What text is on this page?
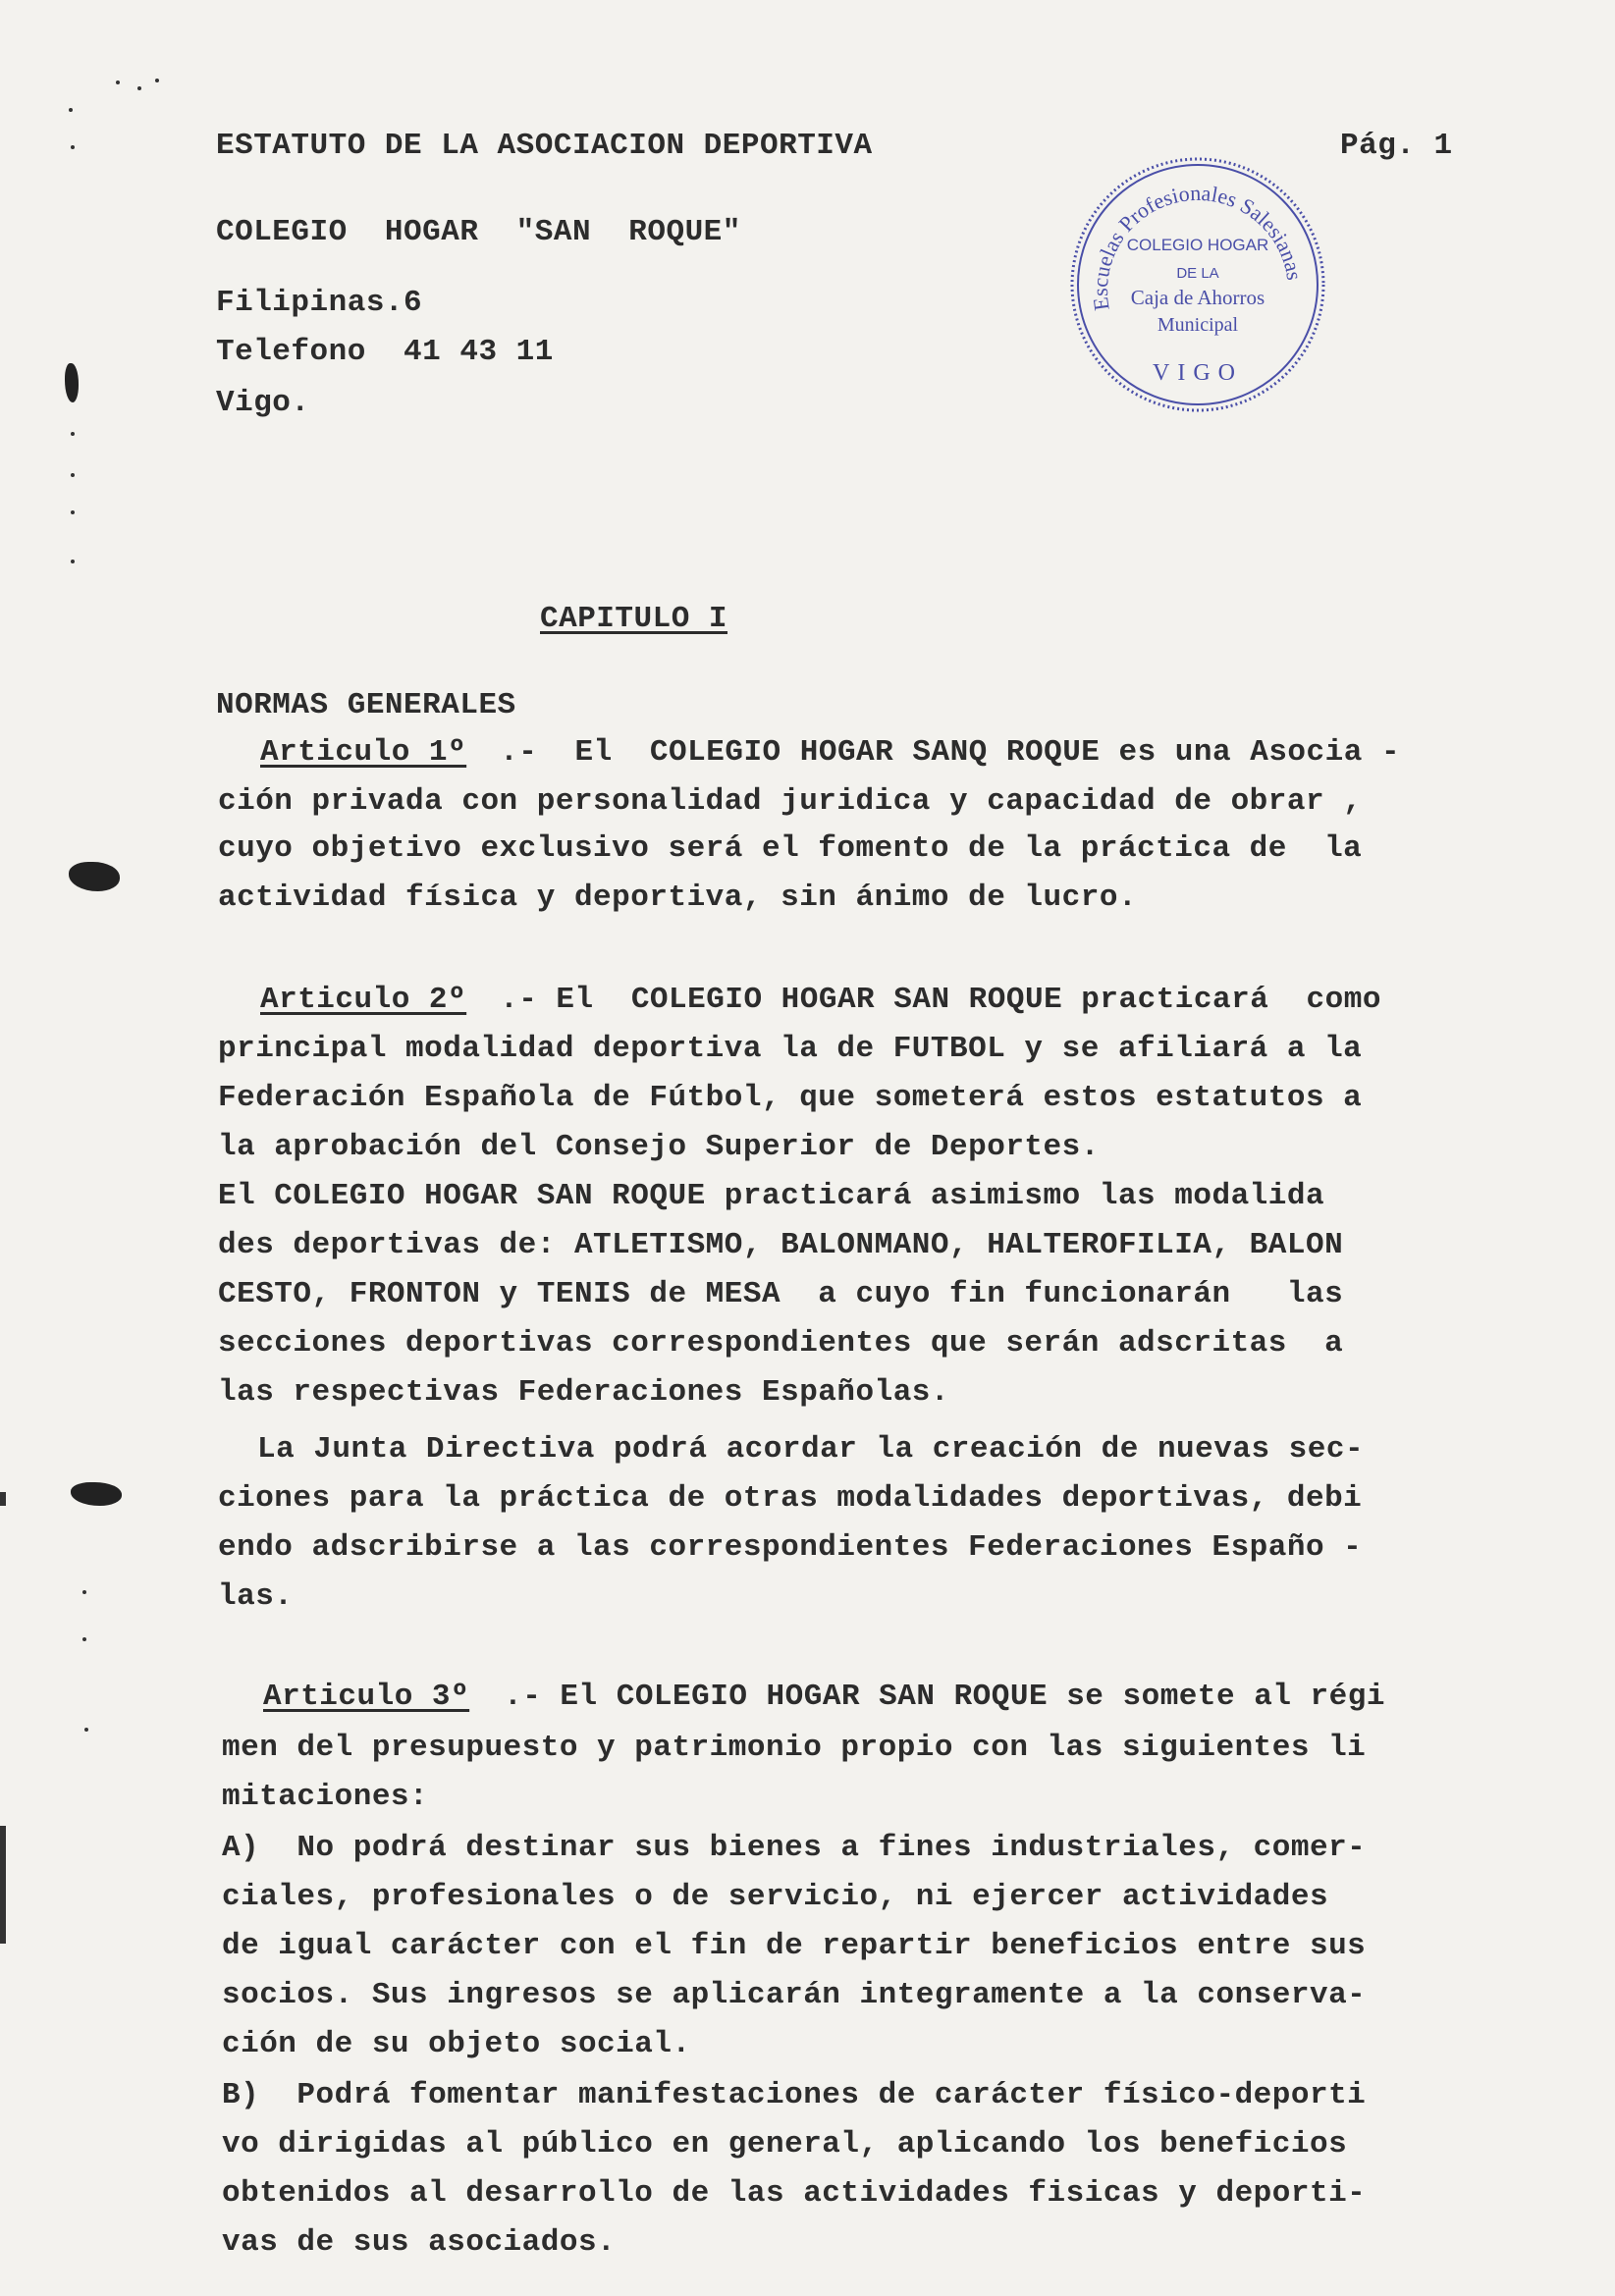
ESTATUTO DE LA ASOCIACION DEPORTIVA	Pág. 1
COLEGIO  HOGAR  "SAN  ROQUE"
Filipinas.6
Telefono  41 43 11
Vigo.
Escuelas Profesionales Salesianas
COLEGIO HOGAR
DE LA
Caja de Ahorros
Municipal
VIGO
CAPITULO I
NORMAS GENERALES
Articulo 1º .-  El  COLEGIO HOGAR SANQ ROQUE es una Asocia -
ción privada con personalidad juridica y capacidad de obrar ,
cuyo objetivo exclusivo será el fomento de la práctica de  la
actividad física y deportiva, sin ánimo de lucro.
Articulo 2º .- El  COLEGIO HOGAR SAN ROQUE practicará  como
principal modalidad deportiva la de FUTBOL y se afiliará a la
Federación Española de Fútbol, que someterá estos estatutos a
la aprobación del Consejo Superior de Deportes.
El COLEGIO HOGAR SAN ROQUE practicará asimismo las modalida
des deportivas de: ATLETISMO, BALONMANO, HALTEROFILIA, BALON
CESTO, FRONTON y TENIS de MESA  a cuyo fin funcionarán   las
secciones deportivas correspondientes que serán adscritas  a
las respectivas Federaciones Españolas.
La Junta Directiva podrá acordar la creación de nuevas sec-
ciones para la práctica de otras modalidades deportivas, debi
endo adscribirse a las correspondientes Federaciones Españo -
las.
Articulo 3º .- El COLEGIO HOGAR SAN ROQUE se somete al régi
men del presupuesto y patrimonio propio con las siguientes li
mitaciones:
A)  No podrá destinar sus bienes a fines industriales, comer-
ciales, profesionales o de servicio, ni ejercer actividades
de igual carácter con el fin de repartir beneficios entre sus
socios. Sus ingresos se aplicarán integramente a la conserva-
ción de su objeto social.
B)  Podrá fomentar manifestaciones de carácter físico-deporti
vo dirigidas al público en general, aplicando los beneficios
obtenidos al desarrollo de las actividades fisicas y deporti-
vas de sus asociados.
